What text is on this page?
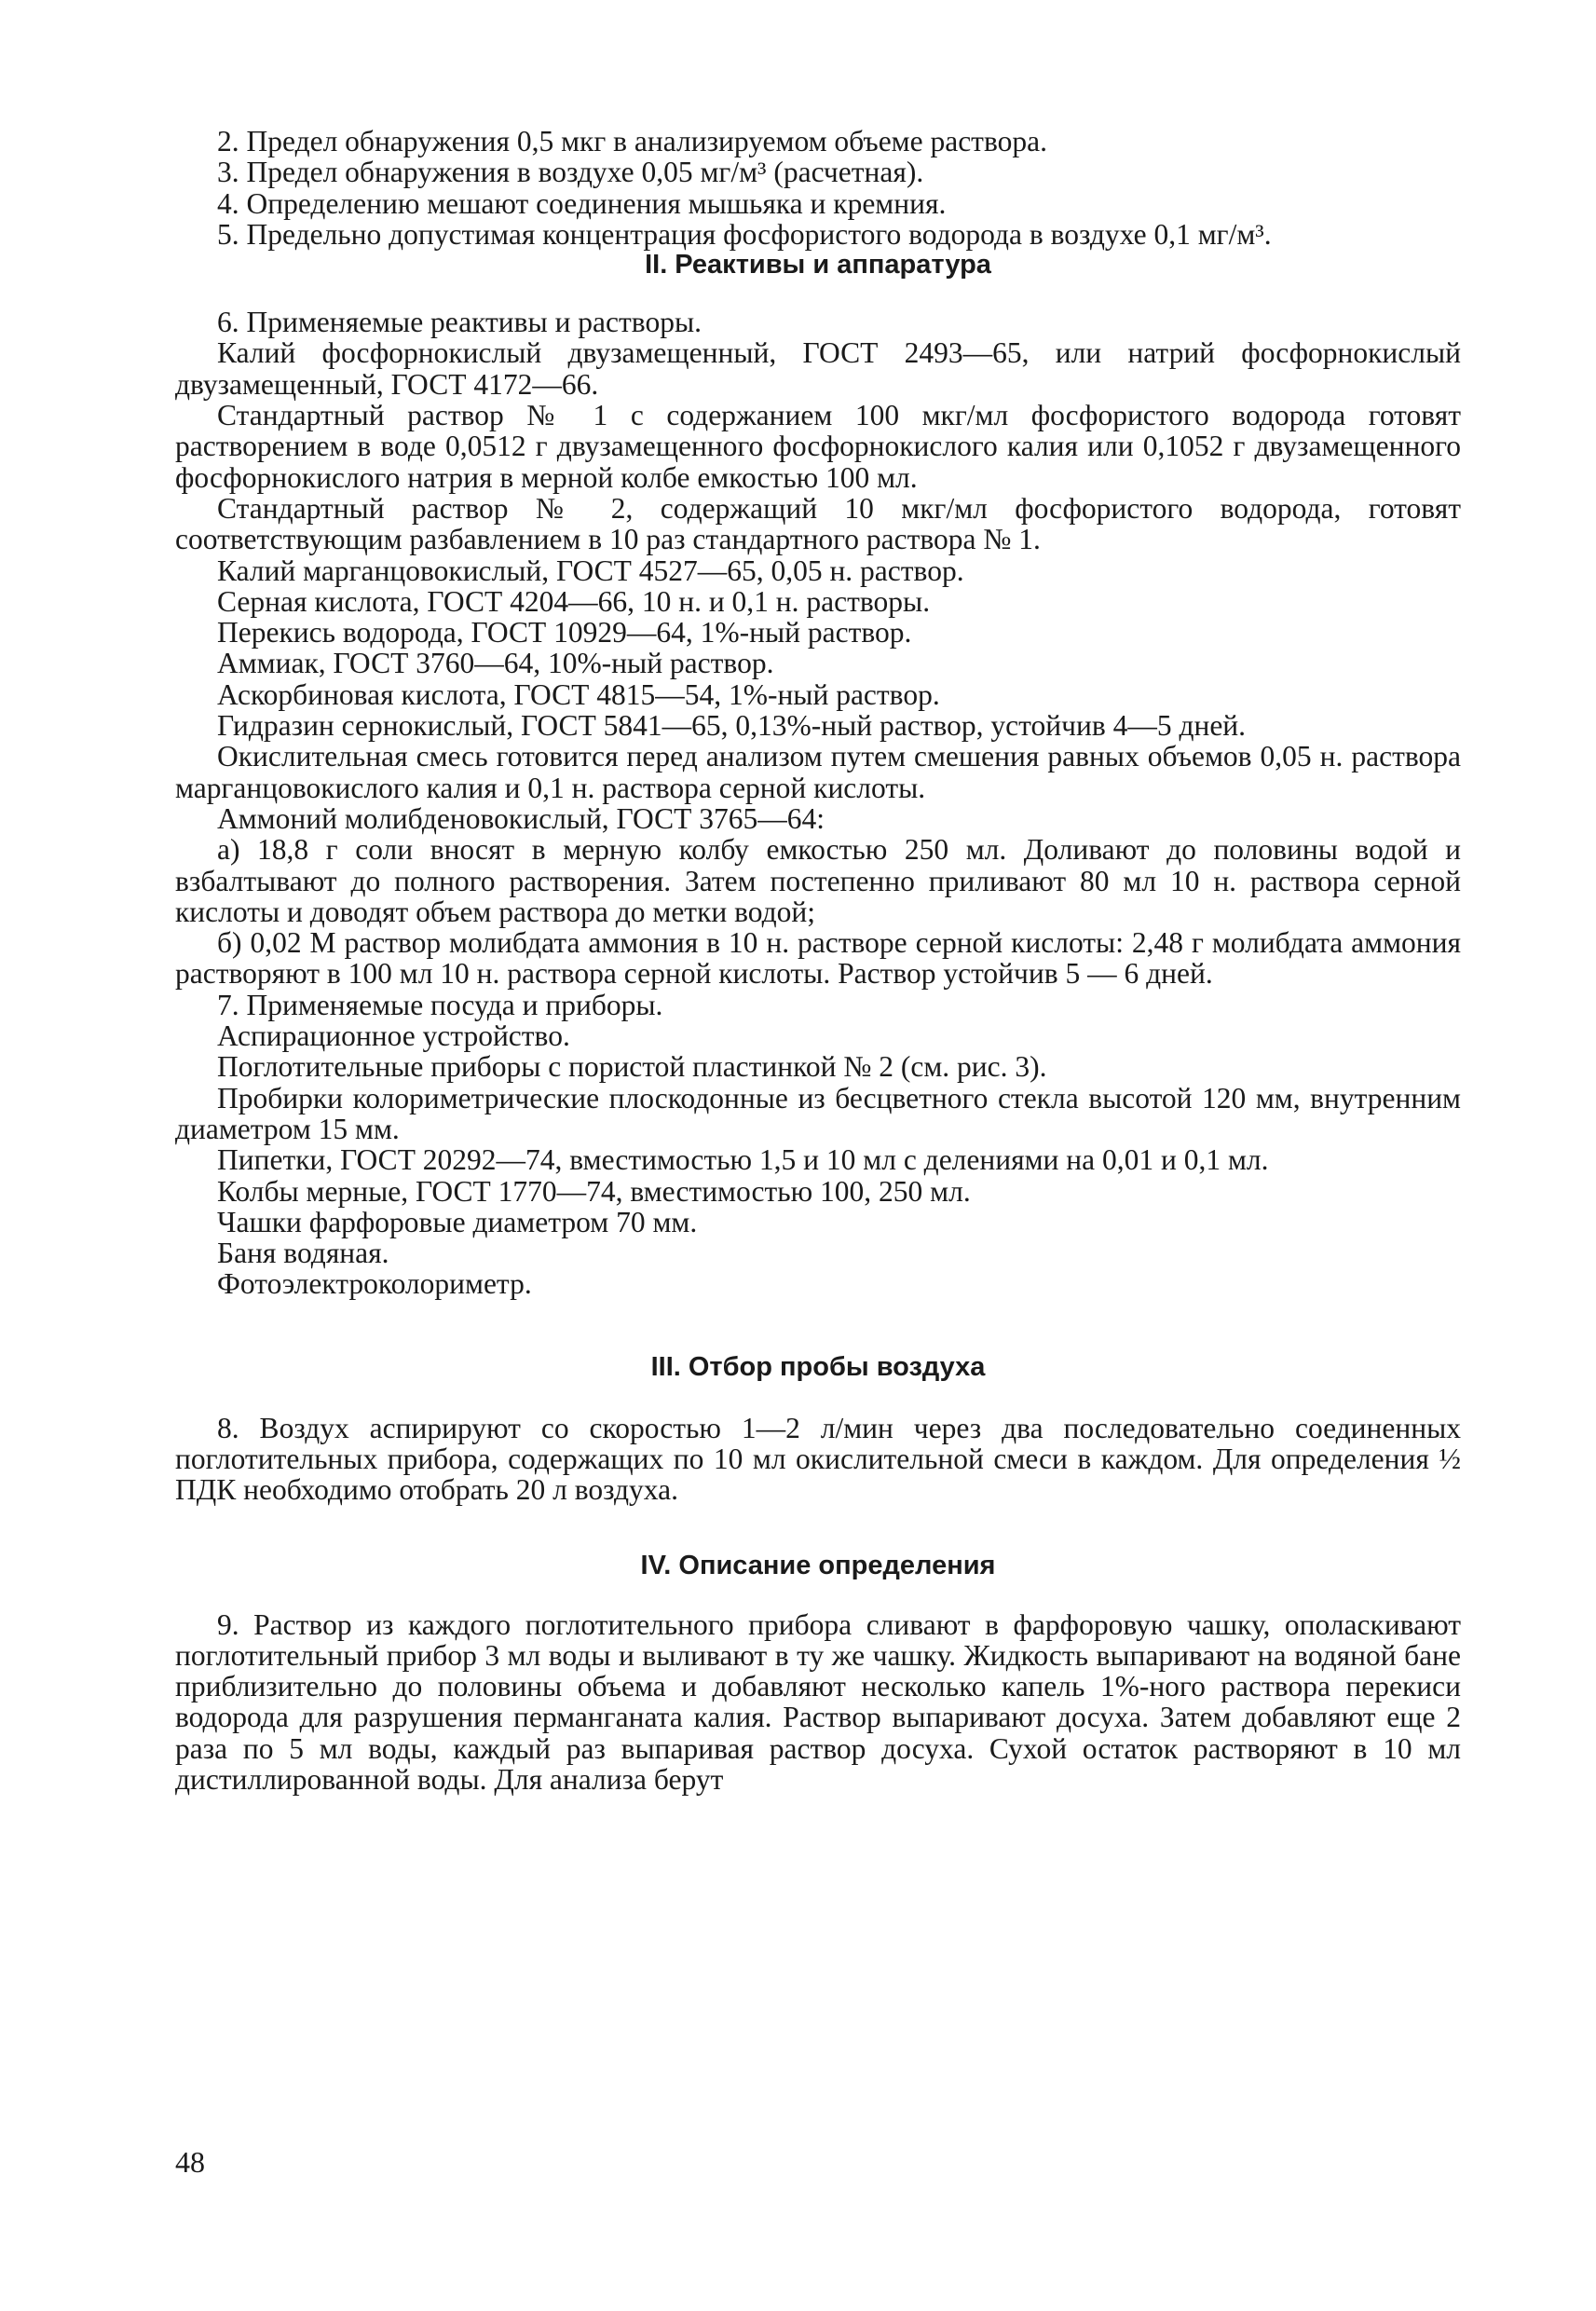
2. Предел обнаружения 0,5 мкг в анализируемом объеме раствора.

3. Предел обнаружения в воздухе 0,05 мг/м³ (расчетная).

4. Определению мешают соединения мышьяка и кремния.

5. Предельно допустимая концентрация фосфористого водорода в воздухе 0,1 мг/м³.

II. Реактивы и аппаратура

6. Применяемые реактивы и растворы.

Калий фосфорнокислый двузамещенный, ГОСТ 2493—65, или натрий фосфорнокислый двузамещенный, ГОСТ 4172—66.

Стандартный раствор № 1 с содержанием 100 мкг/мл фосфористого водорода готовят растворением в воде 0,0512 г двузамещенного фосфорнокислого калия или 0,1052 г двузамещенного фосфорнокислого натрия в мерной колбе емкостью 100 мл.

Стандартный раствор № 2, содержащий 10 мкг/мл фосфористого водорода, готовят соответствующим разбавлением в 10 раз стандартного раствора № 1.

Калий марганцовокислый, ГОСТ 4527—65, 0,05 н. раствор.

Серная кислота, ГОСТ 4204—66, 10 н. и 0,1 н. растворы.

Перекись водорода, ГОСТ 10929—64, 1%-ный раствор.

Аммиак, ГОСТ 3760—64, 10%-ный раствор.

Аскорбиновая кислота, ГОСТ 4815—54, 1%-ный раствор.

Гидразин сернокислый, ГОСТ 5841—65, 0,13%-ный раствор, устойчив 4—5 дней.

Окислительная смесь готовится перед анализом путем смешения равных объемов 0,05 н. раствора марганцовокислого калия и 0,1 н. раствора серной кислоты.

Аммоний молибденовокислый, ГОСТ 3765—64:

а) 18,8 г соли вносят в мерную колбу емкостью 250 мл. Доливают до половины водой и взбалтывают до полного растворения. Затем постепенно приливают 80 мл 10 н. раствора серной кислоты и доводят объем раствора до метки водой;

б) 0,02 М раствор молибдата аммония в 10 н. растворе серной кислоты: 2,48 г молибдата аммония растворяют в 100 мл 10 н. раствора серной кислоты. Раствор устойчив 5 — 6 дней.

7. Применяемые посуда и приборы.

Аспирационное устройство.

Поглотительные приборы с пористой пластинкой № 2 (см. рис. 3).

Пробирки колориметрические плоскодонные из бесцветного стекла высотой 120 мм, внутренним диаметром 15 мм.

Пипетки, ГОСТ 20292—74, вместимостью 1,5 и 10 мл с делениями на 0,01 и 0,1 мл.

Колбы мерные, ГОСТ 1770—74, вместимостью 100, 250 мл.

Чашки фарфоровые диаметром 70 мм.

Баня водяная.

Фотоэлектроколориметр.

III. Отбор пробы воздуха

8. Воздух аспирируют со скоростью 1—2 л/мин через два последовательно соединенных поглотительных прибора, содержащих по 10 мл окислительной смеси в каждом. Для определения ½ ПДК необходимо отобрать 20 л воздуха.

IV. Описание определения

9. Раствор из каждого поглотительного прибора сливают в фарфоровую чашку, ополаскивают поглотительный прибор 3 мл воды и выливают в ту же чашку. Жидкость выпаривают на водяной бане приблизительно до половины объема и добавляют несколько капель 1%-ного раствора перекиси водорода для разрушения перманганата калия. Раствор выпаривают досуха. Затем добавляют еще 2 раза по 5 мл воды, каждый раз выпаривая раствор досуха. Сухой остаток растворяют в 10 мл дистиллированной воды. Для анализа берут

48
